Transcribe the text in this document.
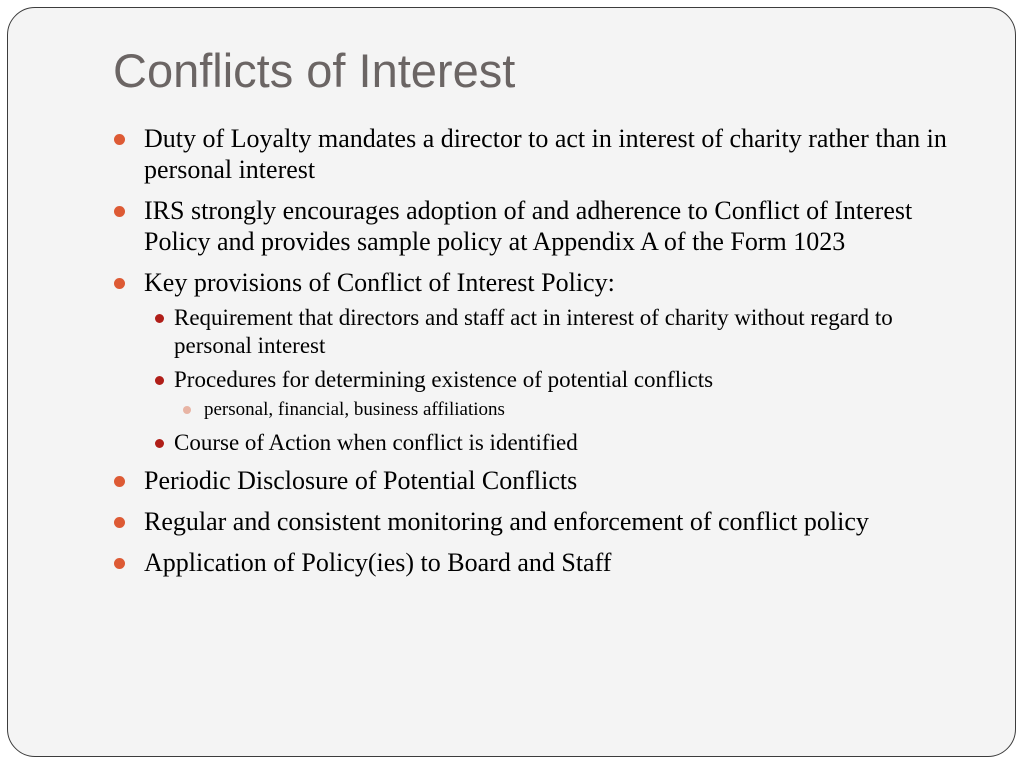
Conflicts of Interest
Duty of Loyalty mandates a director to act in interest of charity rather than in personal interest
IRS strongly encourages adoption of and adherence to Conflict of Interest Policy and provides sample policy at Appendix A of the Form 1023
Key provisions of Conflict of Interest Policy:
Requirement that directors and staff act in interest of charity without regard to personal interest
Procedures for determining existence of potential conflicts
personal, financial, business affiliations
Course of Action when conflict is identified
Periodic Disclosure of Potential Conflicts
Regular and consistent monitoring and enforcement of conflict policy
Application of Policy(ies) to Board and Staff
